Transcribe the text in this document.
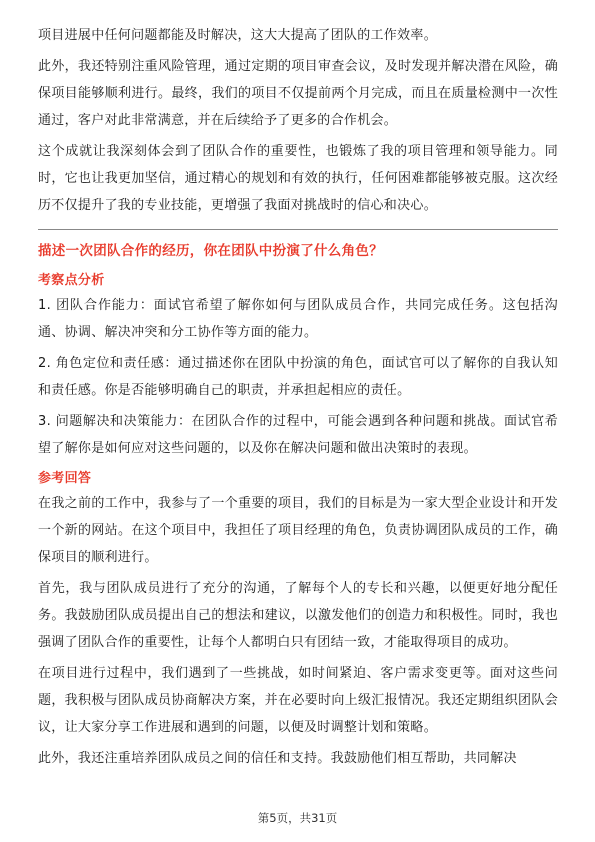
项目进展中任何问题都能及时解决，这大大提高了团队的工作效率。

此外，我还特别注重风险管理，通过定期的项目审查会议，及时发现并解决潜在风险，确保项目能够顺利进行。最终，我们的项目不仅提前两个月完成，而且在质量检测中一次性通过，客户对此非常满意，并在后续给予了更多的合作机会。

这个成就让我深刻体会到了团队合作的重要性，也锻炼了我的项目管理和领导能力。同时，它也让我更加坚信，通过精心的规划和有效的执行，任何困难都能够被克服。这次经历不仅提升了我的专业技能，更增强了我面对挑战时的信心和决心。

描述一次团队合作的经历，你在团队中扮演了什么角色？
考察点分析

1. 团队合作能力：面试官希望了解你如何与团队成员合作，共同完成任务。这包括沟通、协调、解决冲突和分工协作等方面的能力。

2. 角色定位和责任感：通过描述你在团队中扮演的角色，面试官可以了解你的自我认知和责任感。你是否能够明确自己的职责，并承担起相应的责任。

3. 问题解决和决策能力：在团队合作的过程中，可能会遇到各种问题和挑战。面试官希望了解你是如何应对这些问题的，以及你在解决问题和做出决策时的表现。

参考回答

在我之前的工作中，我参与了一个重要的项目，我们的目标是为一家大型企业设计和开发一个新的网站。在这个项目中，我担任了项目经理的角色，负责协调团队成员的工作，确保项目的顺利进行。

首先，我与团队成员进行了充分的沟通，了解每个人的专长和兴趣，以便更好地分配任务。我鼓励团队成员提出自己的想法和建议，以激发他们的创造力和积极性。同时，我也强调了团队合作的重要性，让每个人都明白只有团结一致，才能取得项目的成功。

在项目进行过程中，我们遇到了一些挑战，如时间紧迫、客户需求变更等。面对这些问题，我积极与团队成员协商解决方案，并在必要时向上级汇报情况。我还定期组织团队会议，让大家分享工作进展和遇到的问题，以便及时调整计划和策略。

此外，我还注重培养团队成员之间的信任和支持。我鼓励他们相互帮助，共同解决

第5页，共31页
